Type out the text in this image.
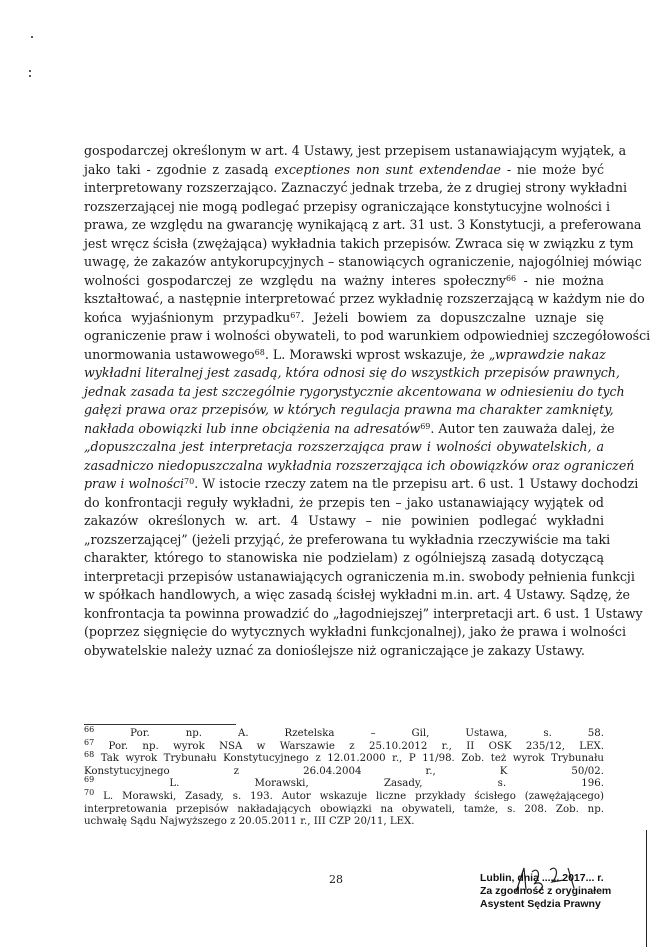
gospodarczej określonym w art. 4 Ustawy, jest przepisem ustanawiającym wyjątek, a
jako taki - zgodnie z zasadą exceptiones non sunt extendendae - nie może być
interpretowany rozszerzająco. Zaznaczyć jednak trzeba, że z drugiej strony wykładni
rozszerzającej nie mogą podlegać przepisy ograniczające konstytucyjne wolności i
prawa, ze względu na gwarancję wynikającą z art. 31 ust. 3 Konstytucji, a preferowana
jest wręcz ścisła (zwężająca) wykładnia takich przepisów. Zwraca się w związku z tym
uwagę, że zakazów antykorupcyjnych – stanowiących ograniczenie, najogólniej mówiąc
wolności gospodarczej ze względu na ważny interes społeczny$^{66}$ - nie można
kształtować, a następnie interpretować przez wykładnię rozszerzającą w każdym nie do
końca wyjaśnionym przypadku$^{67}$. Jeżeli bowiem za dopuszczalne uznaje się
ograniczenie praw i wolności obywateli, to pod warunkiem odpowiedniej szczegółowości
unormowania ustawowego$^{68}$. L. Morawski wprost wskazuje, że „wprawdzie nakaz
wykładni literalnej jest zasadą, która odnosi się do wszystkich przepisów prawnych,
jednak zasada ta jest szczególnie rygorystycznie akcentowana w odniesieniu do tych
gałęzi prawa oraz przepisów, w których regulacja prawna ma charakter zamknięty,
nakłada obowiązki lub inne obciążenia na adresatów$^{69}$. Autor ten zauważa dalej, że
„dopuszczalna jest interpretacja rozszerzająca praw i wolności obywatelskich, a
zasadniczo niedopuszczalna wykładnia rozszerzająca ich obowiązków oraz ograniczeń
praw i wolności$^{70}$. W istocie rzeczy zatem na tle przepisu art. 6 ust. 1 Ustawy dochodzi
do konfrontacji reguły wykładni, że przepis ten – jako ustanawiający wyjątek od
zakazów określonych w. art. 4 Ustawy – nie powinien podlegać wykładni
„rozszerzającej” (jeżeli przyjąć, że preferowana tu wykładnia rzeczywiście ma taki
charakter, którego to stanowiska nie podzielam) z ogólniejszą zasadą dotyczącą
interpretacji przepisów ustanawiających ograniczenia m.in. swobody pełnienia funkcji
w spółkach handlowych, a więc zasadą ścisłej wykładni m.in. art. 4 Ustawy. Sądzę, że
konfrontacja ta powinna prowadzić do „łagodniejszej” interpretacji art. 6 ust. 1 Ustawy
(poprzez sięgnięcie do wytycznych wykładni funkcjonalnej), jako że prawa i wolności
obywatelskie należy uznać za donioślejsze niż ograniczające je zakazy Ustawy.
$^{66}$ Por. np. A. Rzetelska – Gil, Ustawa, s. 58.
$^{67}$ Por. np. wyrok NSA w Warszawie z 25.10.2012 r., II OSK 235/12, LEX.
$^{68}$ Tak wyrok Trybunału Konstytucyjnego z 12.01.2000 r., P 11/98. Zob. też wyrok Trybunału
Konstytucyjnego z 26.04.2004 r., K 50/02.
$^{69}$ L. Morawski, Zasady, s. 196.
$^{70}$ L. Morawski, Zasady, s. 193. Autor wskazuje liczne przykłady ścisłego (zawężającego)
interpretowania przepisów nakładających obowiązki na obywateli, tamże, s. 208. Zob. np.
uchwałę Sądu Najwyższego z 20.05.2011 r., III CZP 20/11, LEX.
28	Lublin, dnia ...... 2017... r.
Za zgodność z oryginałem
Asystent Sędzia Prawny
